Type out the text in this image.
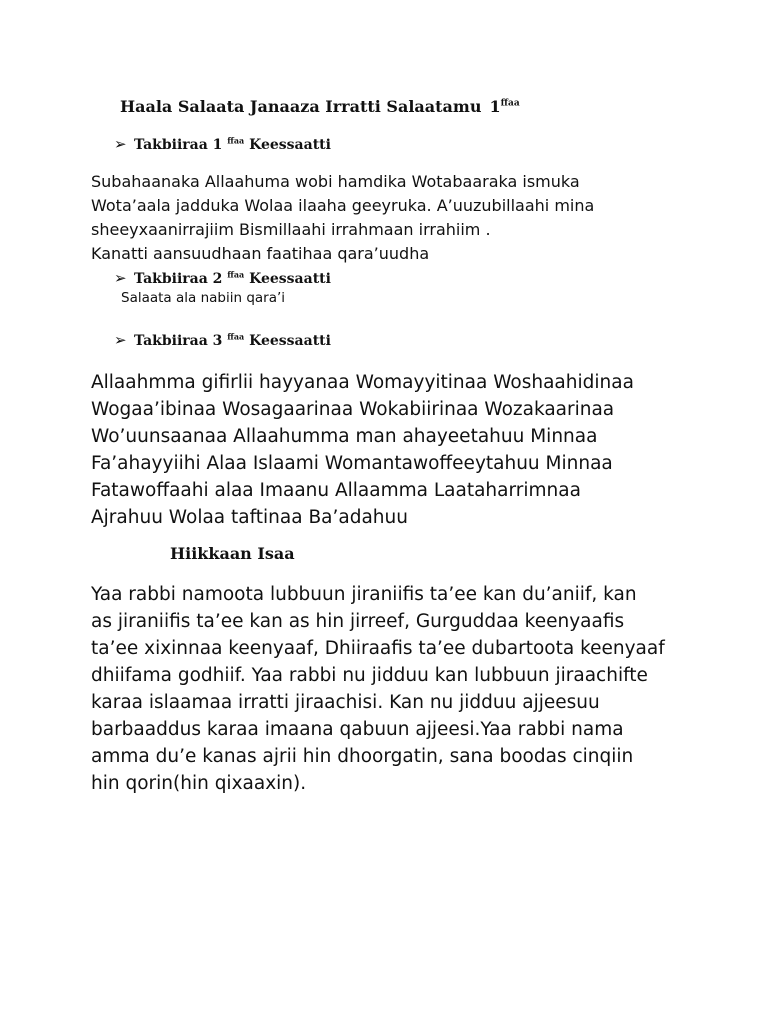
Haala Salaata Janaaza Irratti Salaatamu $1^{ffaa}$
➢ Takbiiraa 1 $^{ffaa}$ Keessaatti
Subahaanaka Allaahuma wobi hamdika Wotabaaraka ismuka
Wota’aala jadduka Wolaa ilaaha geeyruka. A’uuzubillaahi mina
sheeyxaanirrajiim Bismillaahi irrahmaan irrahiim .
Kanatti aansuudhaan faatihaa qara’uudha
➢ Takbiiraa 2 $^{ffaa}$ Keessaatti
Salaata ala nabiin qara’i
➢ Takbiiraa 3 $^{ffaa}$ Keessaatti
Allaahmma gifirlii hayyanaa Womayyitinaa Woshaahidinaa
Wogaa’ibinaa Wosagaarinaa Wokabiirinaa Wozakaarinaa
Wo’uunsaanaa Allaahumma man ahayeetahuu Minnaa
Fa’ahayyiihi Alaa Islaami Womantawoffeeytahuu Minnaa
Fatawoffaahi alaa Imaanu Allaamma Laataharrimnaa
Ajrahuu Wolaa taftinaa Ba’adahuu
Hiikkaan Isaa
Yaa rabbi namoota lubbuun jiraniifis ta’ee kan du’aniif, kan
as jiraniifis ta’ee kan as hin jirreef, Gurguddaa keenyaafis
ta’ee xixinnaa keenyaaf, Dhiiraafis ta’ee dubartoota keenyaaf
dhiifama godhiif. Yaa rabbi nu jidduu kan lubbuun jiraachifte
karaa islaamaa irratti jiraachisi. Kan nu jidduu ajjeesuu
barbaaddus karaa imaana qabuun ajjeesi.Yaa rabbi nama
amma du’e kanas ajrii hin dhoorgatin, sana boodas cinqiin
hin qorin(hin qixaaxin).
